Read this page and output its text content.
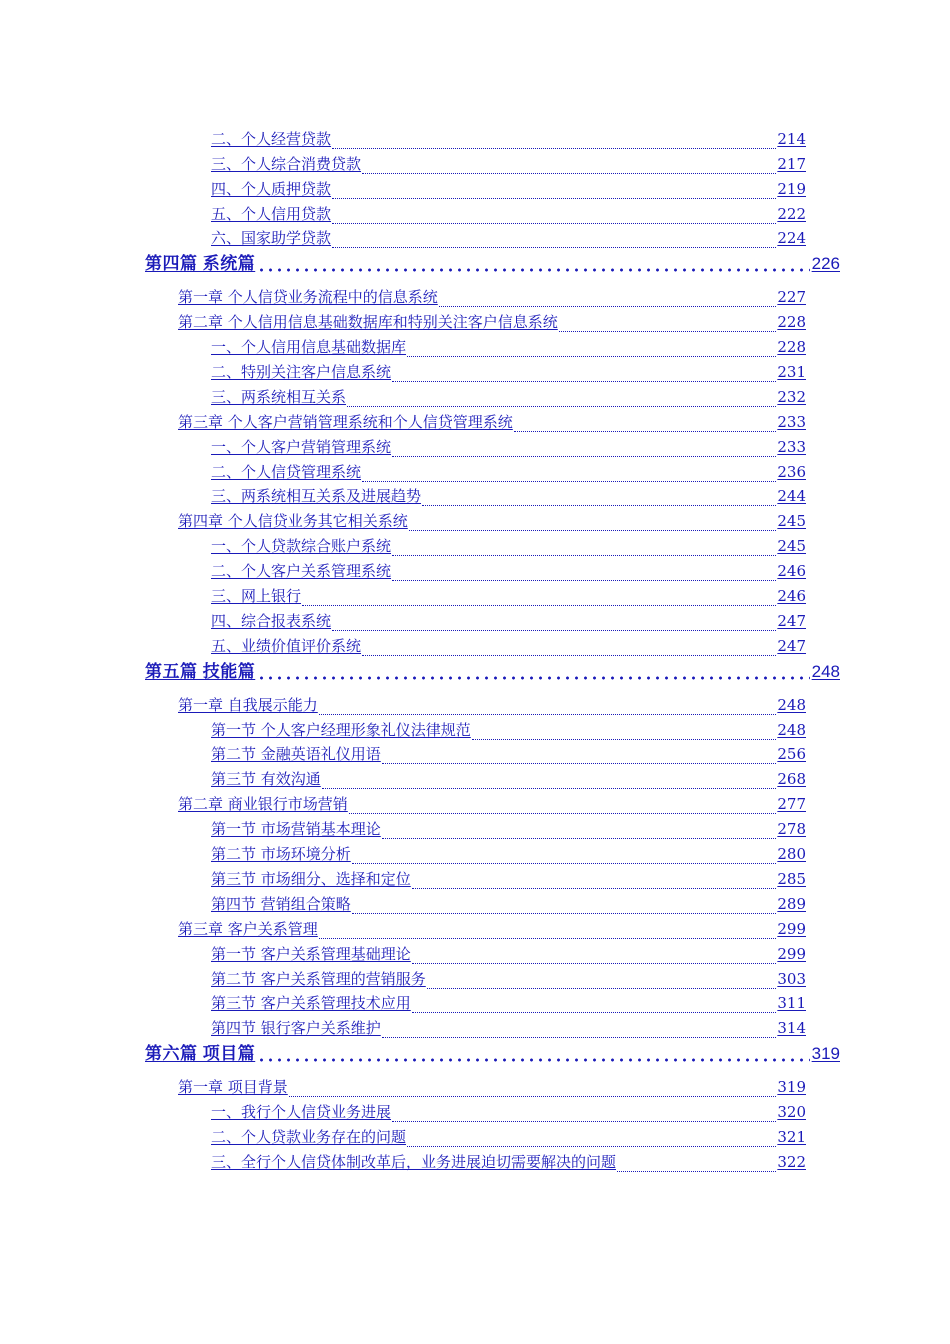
二、个人经营贷款	214
三、个人综合消费贷款	217
四、个人质押贷款	219
五、个人信用贷款	222
六、国家助学贷款	224
第四篇 系统篇	226
第一章 个人信贷业务流程中的信息系统	227
第二章 个人信用信息基础数据库和特别关注客户信息系统	228
一、个人信用信息基础数据库	228
二、特别关注客户信息系统	231
三、两系统相互关系	232
第三章 个人客户营销管理系统和个人信贷管理系统	233
一、个人客户营销管理系统	233
二、个人信贷管理系统	236
三、两系统相互关系及进展趋势	244
第四章 个人信贷业务其它相关系统	245
一、个人贷款综合账户系统	245
二、个人客户关系管理系统	246
三、网上银行	246
四、综合报表系统	247
五、业绩价值评价系统	247
第五篇 技能篇	248
第一章 自我展示能力	248
第一节 个人客户经理形象礼仪法律规范	248
第二节 金融英语礼仪用语	256
第三节 有效沟通	268
第二章 商业银行市场营销	277
第一节 市场营销基本理论	278
第二节 市场环境分析	280
第三节 市场细分、选择和定位	285
第四节 营销组合策略	289
第三章 客户关系管理	299
第一节 客户关系管理基础理论	299
第二节 客户关系管理的营销服务	303
第三节 客户关系管理技术应用	311
第四节 银行客户关系维护	314
第六篇 项目篇	319
第一章 项目背景	319
一、我行个人信贷业务进展	320
二、个人贷款业务存在的问题	321
三、全行个人信贷体制改革后，业务进展迫切需要解决的问题	322
